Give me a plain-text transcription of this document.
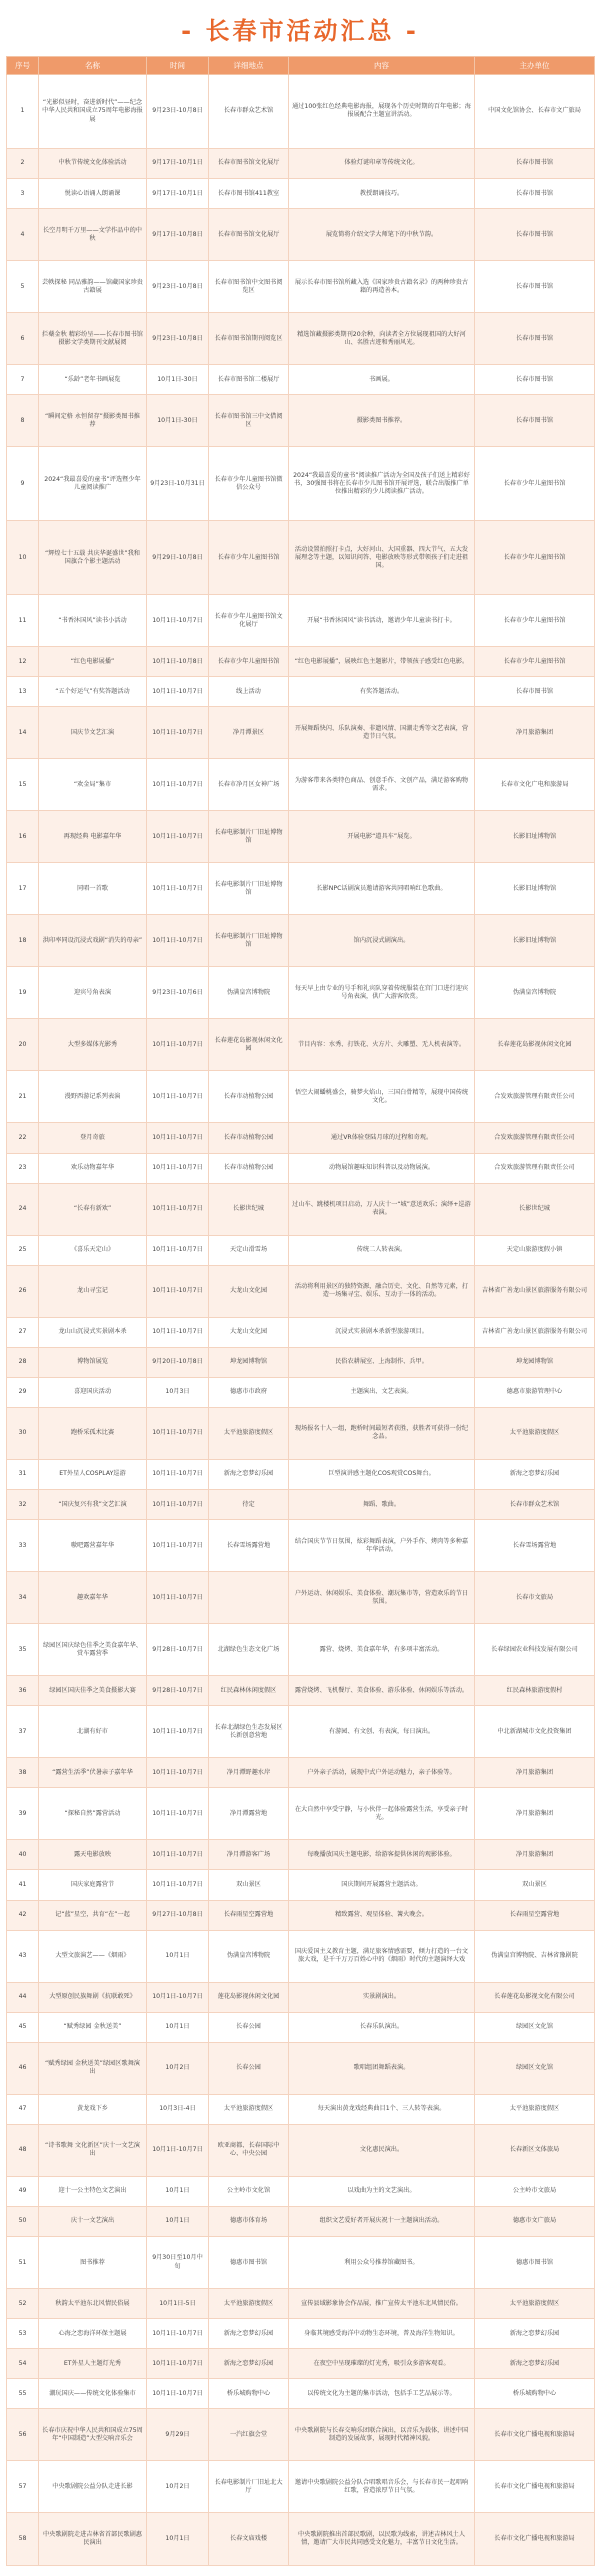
- 长春市活动汇总 -
序号	名称	时间	详细地点	内容	主办单位
1	“光影似昼时，奋进新时代”——纪念中华人民共和国成立75周年电影海报展	9月23日-10月8日	长春市群众艺术馆	通过100张红色经典电影海报，展现各个历史时期的百年电影；海报展配合主题宣讲活动。	中国文化馆协会、长春市文广旅局
2	中秋节传统文化体验活动	9月17日-10月1日	长春市图书馆文化展厅	体验灯谜印章等传统文化。	长春市图书馆
3	悦读心语诵人朗诵课	9月17日-10月1日	长春市图书馆411教室	教授朗诵技巧。	长春市图书馆
4	长空月明千万里——文学作品中的中秋	9月17日-10月8日	长春市图书馆文化展厅	展览简将介绍文学大师笔下的中秋节韵。	长春市图书馆
5	芸帙探秘 同品雅韵——馆藏国家珍贵古籍展	9月23日-10月8日	长春市图书馆中文图书阅览区	展示长春市图书馆所藏入选《国家珍贵古籍名录》的两种珍贵古籍的再造善本。	长春市图书馆
6	拦蘗金秋 精彩纷呈——长春市图书馆 摄影文学类期刊文献展阅	9月23日-10月8日	长春市图书馆期刊阅览区	精选馆藏摄影类期刊20余种，向读者全方位展现祖国的大好河山、名胜古迹和秀丽风光。	长春市图书馆
7	“乐龄”老年书画展览	10月1日-30日	长春市图书馆二楼展厅	书画展。	长春市图书馆
8	“瞬间定格 永恒留存”摄影类图书推荐	10月1日-30日	长春市图书馆三中文借阅区	摄影类图书推荐。	长春市图书馆
9	2024“我最喜爱的童书”评选暨少年儿童阅读推广	9月23日-10月31日	长春市少年儿童图书馆微信公众号	2024“我最喜爱的童书”阅读推广活动为全国及孩子们送上精彩好书，30强图书将在长春市少儿图书馆开展评选，联合出版推广单位推出精彩的少儿阅读推广活动。	长春市少年儿童图书馆
10	“辉煌七十五载 共庆华诞盛世”我和国旗合个影主题活动	9月29日-10月8日	长春市少年儿童图书馆	活动设置拍照打卡点，大好河山、大国重器、四大节气、五大发展理念等主题，以知识问答、电影放映等形式带领孩子们走进祖国。	长春市少年儿童图书馆
11	“书香沐国风”读书小活动	10月1日-10月7日	长春市少年儿童图书馆文化展厅	开展“书香沐国风”读书活动，邀请少年儿童读书打卡。	长春市少年儿童图书馆
12	“红色电影展播”	10月1日-10月8日	长春市少年儿童图书馆	“红色电影展播”，展映红色主题影片，带领孩子感受红色电影。	长春市少年儿童图书馆
13	“五个好运气”有奖答题活动	10月1日-10月7日	线上活动	有奖答题活动。	长春市图书馆
14	国庆节文艺汇演	10月1日-10月7日	净月潭景区	开展舞蹈快闪、乐队演奏、非遗风情、国潮走秀等文艺表演，营造节日气氛。	净月旅游集团
15	“欢金局”集市	10月1日-10月7日	长春市净月区女神广场	为游客带来各类特色商品、创意手作、文创产品，满足游客购物需求。	长春市文化广电和旅游局
16	再现经典 电影嘉年华	10月1日-10月7日	长春电影制片厂旧址博物馆	开展电影“道具车”展览。	长影旧址博物馆
17	同唱一首歌	10月1日-10月7日	长春电影制片厂旧址博物馆	长影NPC话剧演员邀请游客共同唱响红色歌曲。	长影旧址博物馆
18	洪印率同设沉浸式戏剧“消失的母亲”	10月1日-10月7日	长春电影制片厂旧址博物馆	馆内沉浸式剧演出。	长影旧址博物馆
19	迎宾号角表演	9月23日-10月6日	伪满皇宫博物院	每天早上由专业的号手和礼宾队穿着传统服装在宫门口进行迎宾号角表演，供广大游客欣赏。	伪满皇宫博物院
20	大型多媒体光影秀	10月1日-10月7日	长春莲花岛影视休闲文化园	节目内容：水秀、打铁花、火方片、火雕塑、无人机表演等。	长春莲花岛影视休闲文化园
21	漫野西游记系列表演	10月1日-10月7日	长春市动植物公园	悟空大闹蟠桃盛会，骑梦火焰山，三国白骨精等，展现中国传统文化。	合发欢旅游管理有限责任公司
22	登月奇旅	10月1日-10月7日	长春市动植物公园	通过VR体验登陆月球的过程和奇观。	合发欢旅游管理有限责任公司
23	欢乐动物嘉年华	10月1日-10月7日	长春市动植物公园	动物展馆趣味知识科普以及动物展演。	合发欢旅游管理有限责任公司
24	“长春有新欢”	10月1日-10月7日	长影世纪城	过山车、跳楼机项目启动，万人庆十一“城”意送欢乐；演绎+巡游表演。	长影世纪城
25	《喜乐天定山》	10月1日-10月7日	天定山滑雪场	传统二人转表演。	天定山旅游度假小镇
26	龙山寻宝记	10月1日-10月7日	大龙山文化园	活动将利用景区的独特资源，融合历史、文化、自然等元素，打造一场集寻宝、娱乐、互动于一体的活动。	吉林省广善龙山景区旅游服务有限公司
27	龙山山沉浸式实景剧本杀	10月1日-10月7日	大龙山文化园	沉浸式实景剧本杀新型旅游项目。	吉林省广善龙山景区旅游服务有限公司
28	博物馆展览	9月20日-10月8日	坤龙园博物馆	民俗农耕展室、上海制作、兵甲。	坤龙园博物馆
29	喜迎国庆活动	10月3日	德惠市市政府	主题演出、文艺表演。	德惠市旅游管理中心
30	跑桥采孤术比赛	10月1日-10月7日	太平池旅游度假区	现场报名十人一组，跑桥时间最短者获胜，获胜者可获得一份纪念品。	太平池旅游度假区
31	ET外星人COSPLAY巡游	10月1日-10月7日	新海之恋梦幻乐园	巨型演讲感主题化COS观赏COS舞台。	新海之恋梦幻乐园
32	“国庆复兴有我”文艺汇演	10月1日-10月7日	待定	舞蹈、歌曲。	长春市群众艺术馆
33	嗷吧露营嘉年华	10月1日-10月7日	长春雪场露营地	结合国庆节节日氛围，炫彩舞蹈表演，户外手作、烤肉等多种嘉年华活动。	长春雪场露营地
34	趣欢嘉年华	10月1日-10月7日		户外运动、休闲娱乐、美食体验、潮玩集市等，营造欢乐的节日氛围。	长春市文旅局
35	绿园区国庆绿色佳季之美食嘉年华、赏车露营季	9月28日-10月7日	北湖绿色生态文化广场	露营、烧烤、美食嘉年华，有多项丰富活动。	长春绿园农业科技发展有限公司
36	绿园区国庆佳季之美食摄影大赛	9月28日-10月7日	红民森林休闲度假区	露营烧烤、飞机餐厅、美食体验、游乐体验、休闲娱乐等活动。	红民森林旅游度假村
37	北湖有好市	10月1日-10月7日	长春北湖绿色生态发展区长新创意营地	有游园、有文创、有表演，每日演出。	中北新湖城市文化投资集团
38	“露营生活季”伏暑亲子嘉年华	10月1日-10月7日	净月潭野趣水岸	户外亲子活动，展现中式户外运动魅力，亲子体验等。	净月旅游集团
39	“探秘自然”露营活动	10月1日-10月7日	净月潭露营地	在大自然中享受宁静，与小伙伴一起体验露营生活，享受亲子时光。	净月旅游集团
40	露天电影放映	10月1日-10月7日	净月潭游客广场	每晚播放国庆主题电影，给游客提供休闲的观影体验。	净月旅游集团
41	国庆家庭露营节	10月1日-10月7日	双山景区	国庆期间开展露营主题活动。	双山景区
42	记“蓝”星空，共育“在”一起	9月27日-10月8日	长春雨星空露营地	精致露营、观星体验、篝火晚会。	长春雨星空露营地
43	大型文旅演艺——《烟雨》	10月1日	伪满皇宫博物院	国庆爱国主义教育主题，满足旅客情感需要，倾力打造的一台文旅大戏，是千千万万百姓心中的《烟雨》时代的主题演绎大戏	伪满皇宫博物院、吉林省豫剧院
44	大型原创民族舞剧《抗联敢死》	10月1日-10月7日	莲花岛影视休闲文化园	实景剧演出。	长春莲花岛影视文化有限公司
45	“赋秀绿园 金秋送美”	10月1日	长春公园	长春乐队演出。	绿园区文化馆
46	“赋秀绿园 金秋送美”绿园区歌舞演出	10月2日	长春公园	歌唱组团舞蹈表演。	绿园区文化馆
47	黄龙戏下乡	10月3日-4日	太平池旅游度假区	每天演出黄龙戏经典曲目1个、三人转等表演。	太平池旅游度假区
48	“诗书歌舞 文化新区”庆十一文艺演出	10月1日-10月7日	欧亚商都、长春国际中心、中央公园	文化惠民演出。	长春新区文体旅局
49	迎十一公主特色文艺演出	10月1日	公主岭市文化馆	以戏曲为主的文艺演出。	公主岭市文旅局
50	庆十一文艺演出	10月1日	德惠市体育场	组织文艺爱好者开展庆祝十一主题演出活动。	德惠市文广旅局
51	图书推荐	9月30日至10月中旬	德惠市图书馆	利用公众号推荐馆藏图书。	德惠市图书馆
52	秋韵太平池东北风情民俗展	10月1日-5日	太平池旅游度假区	宣传县域影象协会作品展，推广宣传太平池东北风情民俗。	太平池旅游度假区
53	心海之恋海洋环保主题展	10月1日-10月7日	新海之恋梦幻乐园	身临其境感受海洋中动物生态环境，普及海洋生物知识。	新海之恋梦幻乐园
54	ET外星人主题灯光秀	10月1日-10月7日	新海之恋梦幻乐园	在夜空中呈现璀璨的灯光秀，吸引众多游客观看。	新海之恋梦幻乐园
55	潮玩国庆——传统文化体验集市	10月1日-10月7日	桥乐城购物中心	以传统文化为主题的集市活动，包括手工艺品展示等。	桥乐城购物中心
56	长春市庆祝中华人民共和国成立75周年“中国制造”大型交响音乐会	9月29日	一汽红旗会堂	中央歌剧院与长春交响乐团联合演出，以音乐为载体，讲述中国制造的发展故事，展现时代精神风貌。	长春市文化广播电视和旅游局
57	中央歌剧院公益分队走进长影	10月2日	长春电影制片厂旧址北大厅	邀请中央歌剧院公益分队合唱歌唱音乐会，与长春市民一起唱响红歌，营造浓厚节日气氛。	长春市文化广播电视和旅游局
58	中央歌剧院走进吉林省首部民歌剧惠民演出	10月1日	长春文庙戏楼	中央歌剧院推出首部民歌剧，以民歌为线索，讲述吉林风土人情，邀请广大市民共同感受文化魅力，丰富节日文化生活。	长春市文化广播电视和旅游局
